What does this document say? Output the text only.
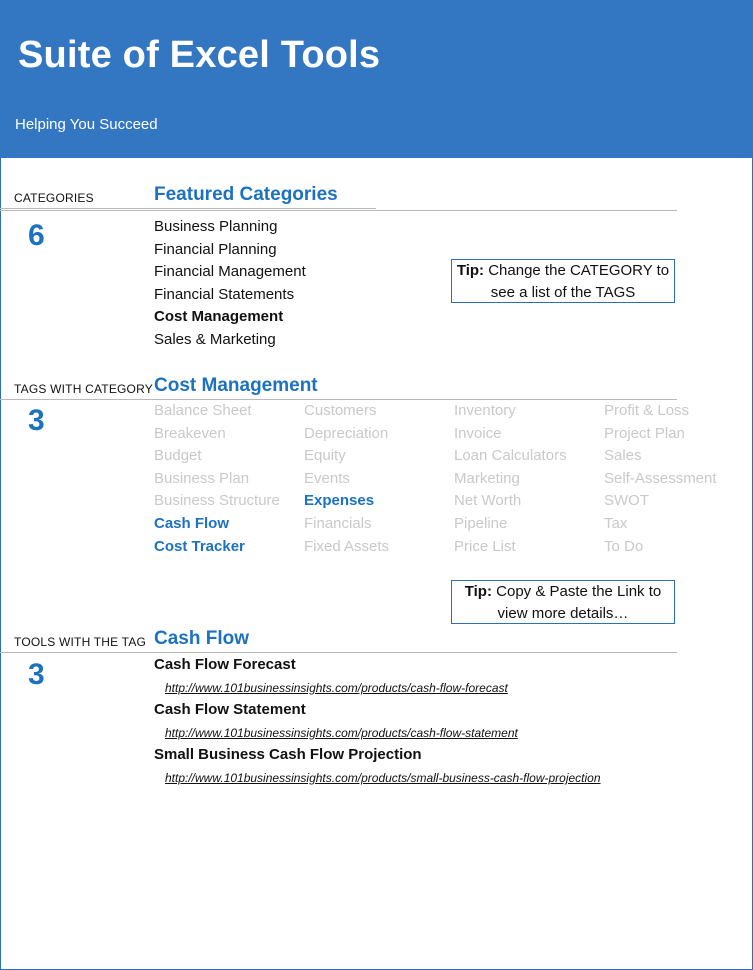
Suite of Excel Tools
Helping You Succeed
CATEGORIES
6
Featured Categories
Business Planning
Financial Planning
Financial Management
Financial Statements
Cost Management
Sales & Marketing
Tip: Change the CATEGORY to
see a list of the TAGS
TAGS WITH CATEGORY
3
Cost Management
Balance Sheet
Breakeven
Budget
Business Plan
Business Structure
Cash Flow
Cost Tracker
Customers
Depreciation
Equity
Events
Expenses
Financials
Fixed Assets
Inventory
Invoice
Loan Calculators
Marketing
Net Worth
Pipeline
Price List
Profit & Loss
Project Plan
Sales
Self-Assessment
SWOT
Tax
To Do
Tip: Copy & Paste the Link to
view more details…
TOOLS WITH THE TAG
3
Cash Flow
Cash Flow Forecast
http://www.101businessinsights.com/products/cash-flow-forecast
Cash Flow Statement
http://www.101businessinsights.com/products/cash-flow-statement
Small Business Cash Flow Projection
http://www.101businessinsights.com/products/small-business-cash-flow-projection
